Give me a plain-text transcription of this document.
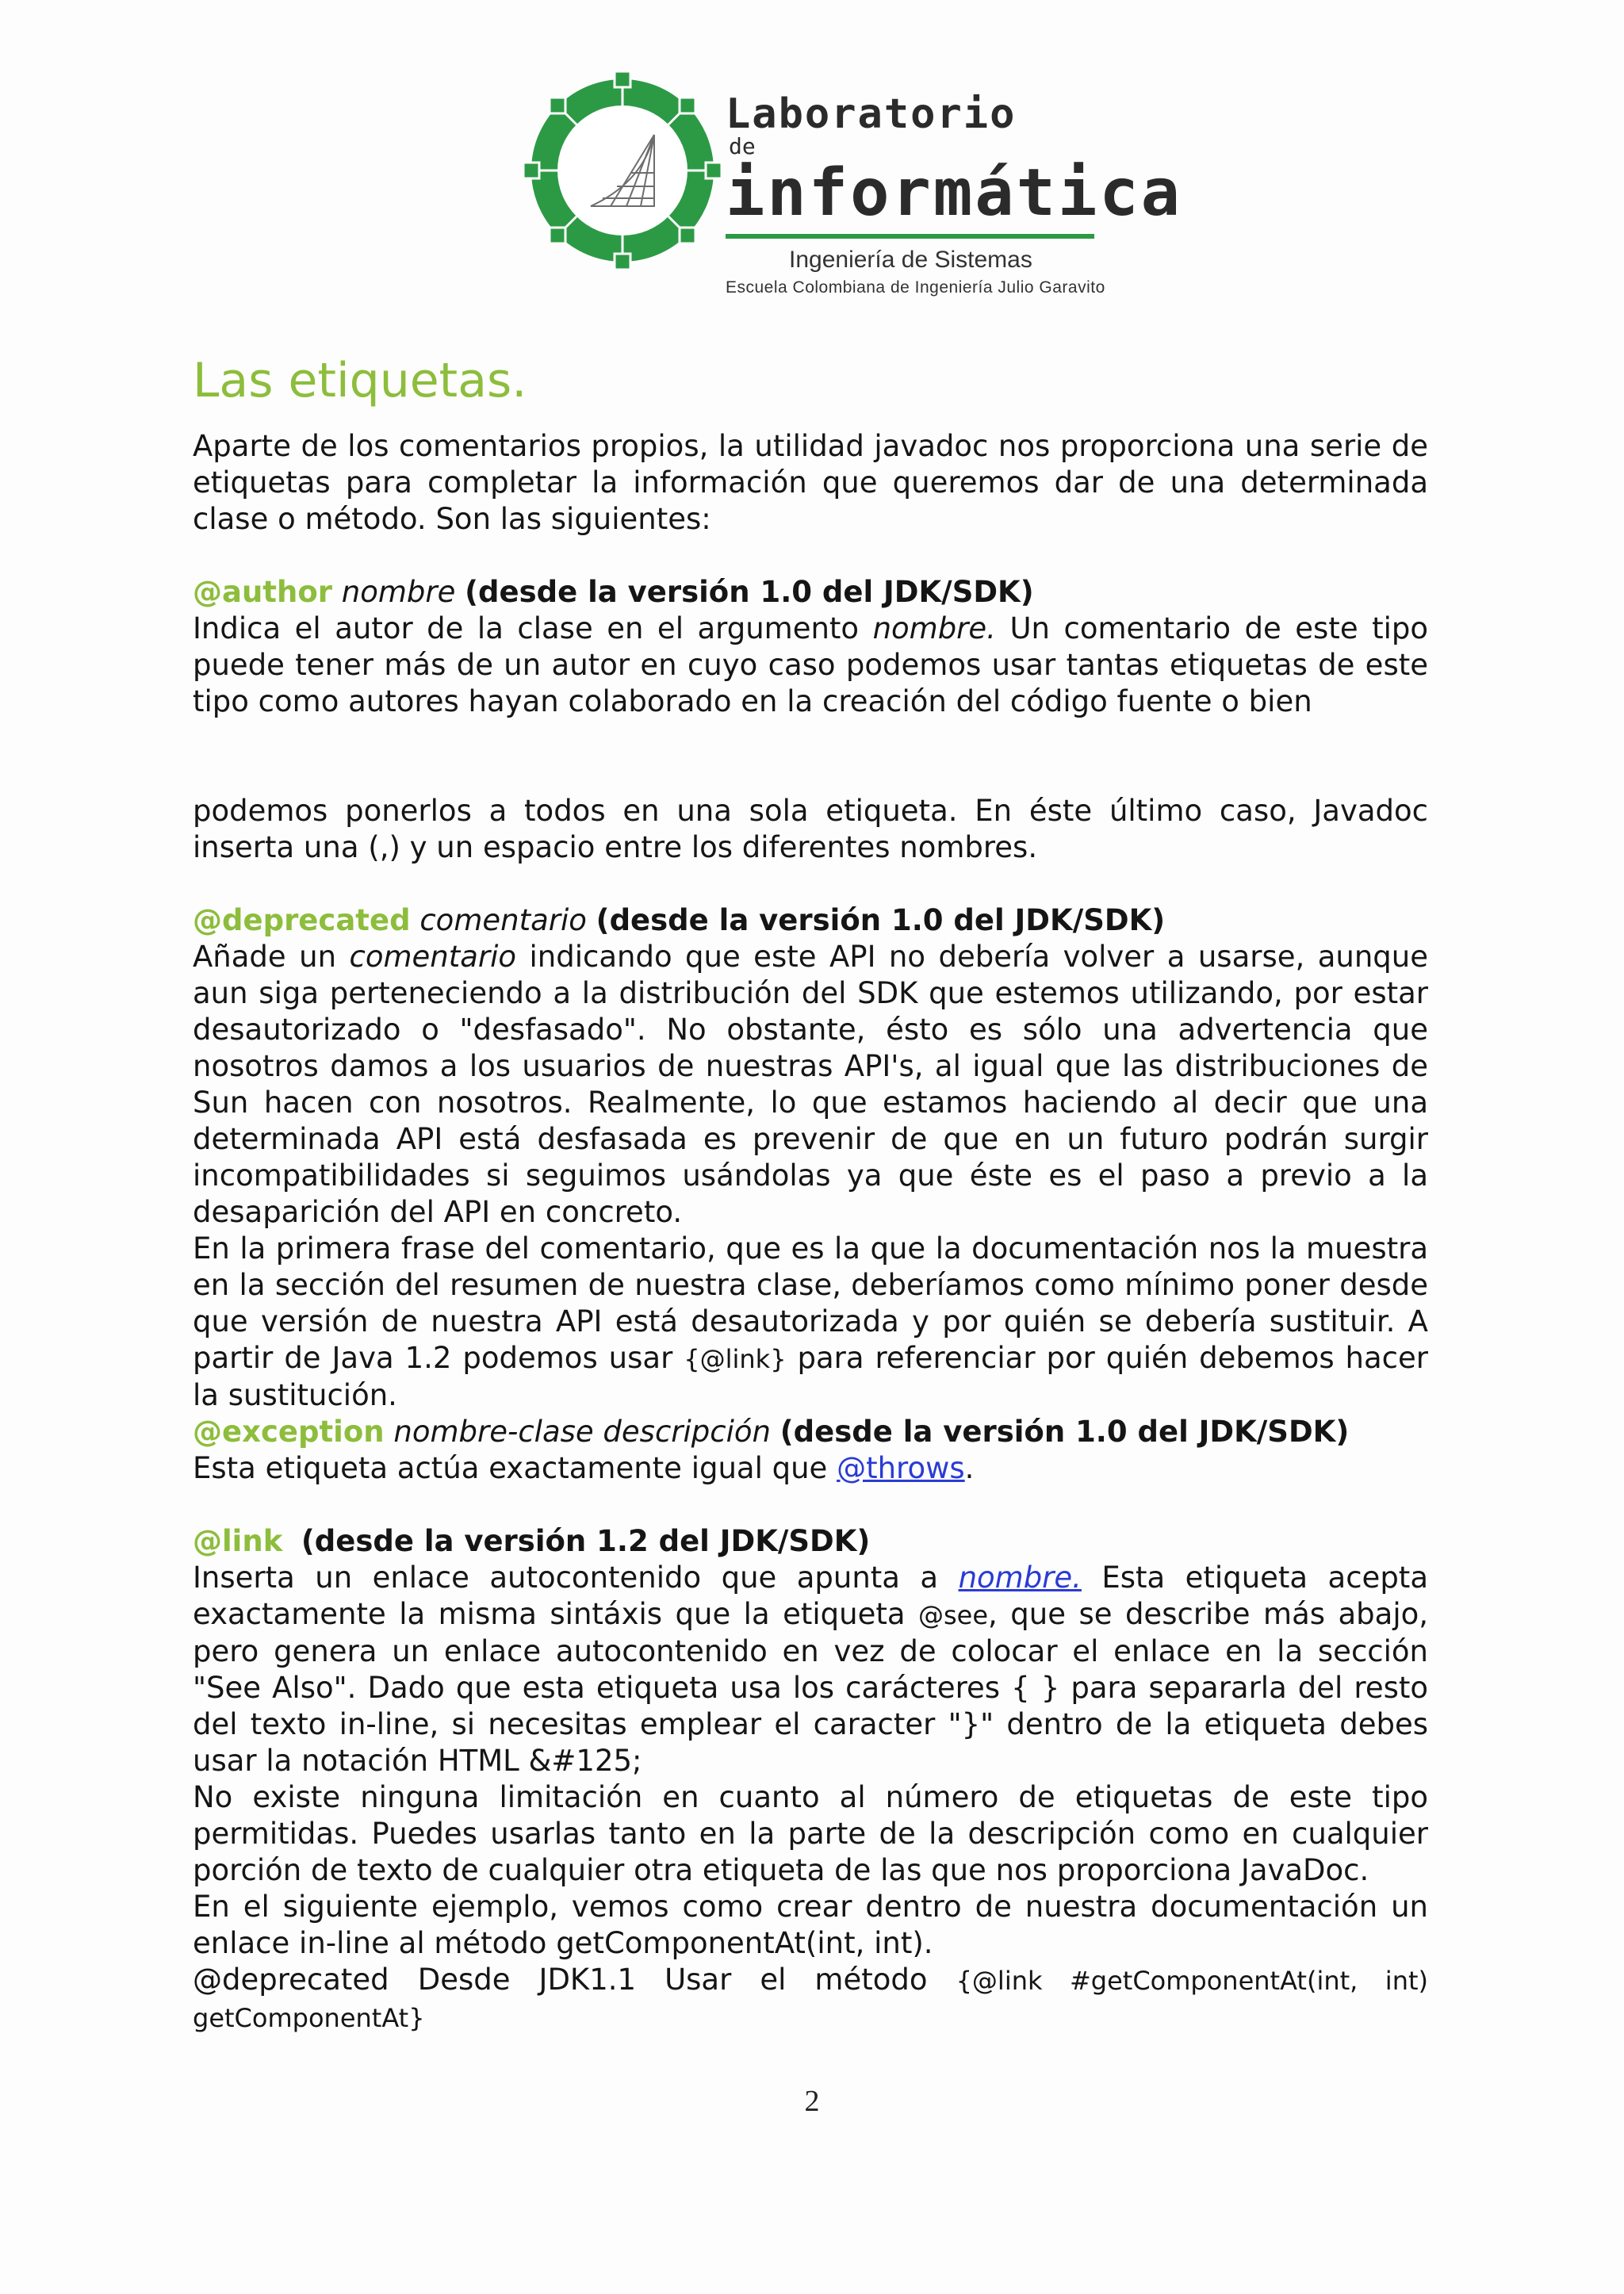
Laboratorio
de
informática
Ingeniería de Sistemas
Escuela Colombiana de Ingeniería Julio Garavito
Las etiquetas.

Aparte de los comentarios propios, la utilidad javadoc nos proporciona una serie de etiquetas para completar la información que queremos dar de una determinada clase o método. Son las siguientes:

@author nombre (desde la versión 1.0 del JDK/SDK)

Indica el autor de la clase en el argumento nombre. Un comentario de este tipo puede tener más de un autor en cuyo caso podemos usar tantas etiquetas de este tipo como autores hayan colaborado en la creación del código fuente o bien

podemos ponerlos a todos en una sola etiqueta. En éste último caso, Javadoc inserta una (,) y un espacio entre los diferentes nombres.

@deprecated comentario (desde la versión 1.0 del JDK/SDK)

Añade un comentario indicando que este API no debería volver a usarse, aunque aun siga perteneciendo a la distribución del SDK que estemos utilizando, por estar desautorizado o "desfasado". No obstante, ésto es sólo una advertencia que nosotros damos a los usuarios de nuestras API's, al igual que las distribuciones de Sun hacen con nosotros. Realmente, lo que estamos haciendo al decir que una determinada API está desfasada es prevenir de que en un futuro podrán surgir incompatibilidades si seguimos usándolas ya que éste es el paso a previo a la desaparición del API en concreto.

En la primera frase del comentario, que es la que la documentación nos la muestra en la sección del resumen de nuestra clase, deberíamos como mínimo poner desde que versión de nuestra API está desautorizada y por quién se debería sustituir. A partir de Java 1.2 podemos usar {@link} para referenciar por quién debemos hacer la sustitución.

@exception nombre-clase descripción (desde la versión 1.0 del JDK/SDK)

Esta etiqueta actúa exactamente igual que @throws.

@link (desde la versión 1.2 del JDK/SDK)

Inserta un enlace autocontenido que apunta a nombre. Esta etiqueta acepta exactamente la misma sintáxis que la etiqueta @see, que se describe más abajo, pero genera un enlace autocontenido en vez de colocar el enlace en la sección "See Also". Dado que esta etiqueta usa los carácteres { } para separarla del resto del texto in-line, si necesitas emplear el caracter "}" dentro de la etiqueta debes usar la notación HTML &#125;

No existe ninguna limitación en cuanto al número de etiquetas de este tipo permitidas. Puedes usarlas tanto en la parte de la descripción como en cualquier porción de texto de cualquier otra etiqueta de las que nos proporciona JavaDoc.

En el siguiente ejemplo, vemos como crear dentro de nuestra documentación un enlace in-line al método getComponentAt(int, int).

@deprecated Desde JDK1.1 Usar el método {@link #getComponentAt(int, int) getComponentAt}

2
